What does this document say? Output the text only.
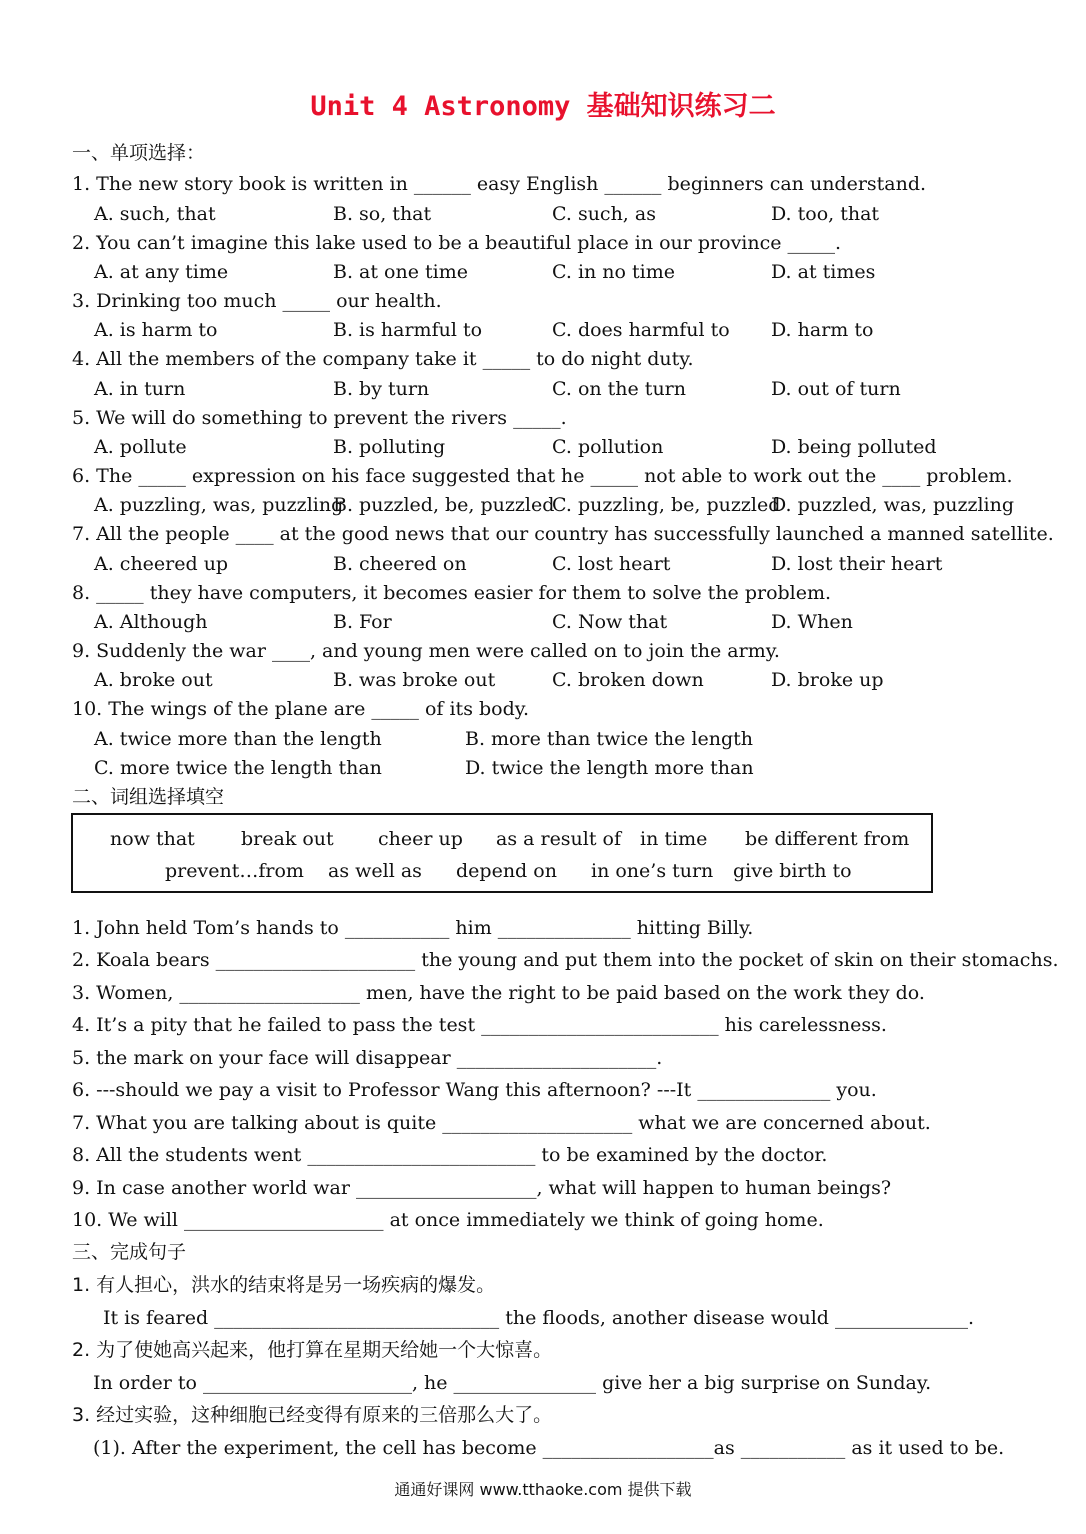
Unit 4 Astronomy 基础知识练习二
一、单项选择：
1. The new story book is written in ______ easy English ______ beginners can understand.
A. such, that	B. so, that	C. such, as	D. too, that
2. You can’t imagine this lake used to be a beautiful place in our province _____.
A. at any time	B. at one time	C. in no time	D. at times
3. Drinking too much _____ our health.
A. is harm to	B. is harmful to	C. does harmful to D. harm to
4. All the members of the company take it _____ to do night duty.
A. in turn	B. by turn	C. on the turn	D. out of turn
5. We will do something to prevent the rivers _____.
A. pollute	B. polluting	C. pollution	D. being polluted
6. The _____ expression on his face suggested that he _____ not able to work out the ____ problem.
A. puzzling, was, puzzling
B. puzzled, be, puzzled
C. puzzling, be, puzzled
D. puzzled, was, puzzling
7. All the people ____ at the good news that our country has successfully launched a manned satellite.
A. cheered up	B. cheered on	C. lost heart	D. lost their heart
8. _____ they have computers, it becomes easier for them to solve the problem.
A. Although	B. For	C. Now that	D. When
9. Suddenly the war ____, and young men were called on to join the army.
A. broke out	B. was broke out	C. broken down	D. broke up
10. The wings of the plane are _____ of its body.
A. twice more than the length	B. more than twice the length
C. more twice the length than	D. twice the length more than
二、词组选择填空
now that break out cheer up as a result of in time be different from
prevent…from as well as depend on in one’s turn give birth to
1. John held Tom’s hands to ___________ him ______________ hitting Billy.
2. Koala bears _____________________ the young and put them into the pocket of skin on their stomachs.
3. Women, ___________________ men, have the right to be paid based on the work they do.
4. It’s a pity that he failed to pass the test _________________________ his carelessness.
5. the mark on your face will disappear _____________________.
6. ---should we pay a visit to Professor Wang this afternoon? ---It ______________ you.
7. What you are talking about is quite ____________________ what we are concerned about.
8. All the students went ________________________ to be examined by the doctor.
9. In case another world war ___________________, what will happen to human beings?
10. We will _____________________ at once immediately we think of going home.
三、完成句子
1. 有人担心，洪水的结束将是另一场疾病的爆发。
It is feared ______________________________ the floods, another disease would ______________.
2. 为了使她高兴起来，他打算在星期天给她一个大惊喜。
In order to ______________________, he _______________ give her a big surprise on Sunday.
3. 经过实验，这种细胞已经变得有原来的三倍那么大了。
(1). After the experiment, the cell has become __________________as ___________ as it used to be.
通通好课网 www.tthaoke.com 提供下载
